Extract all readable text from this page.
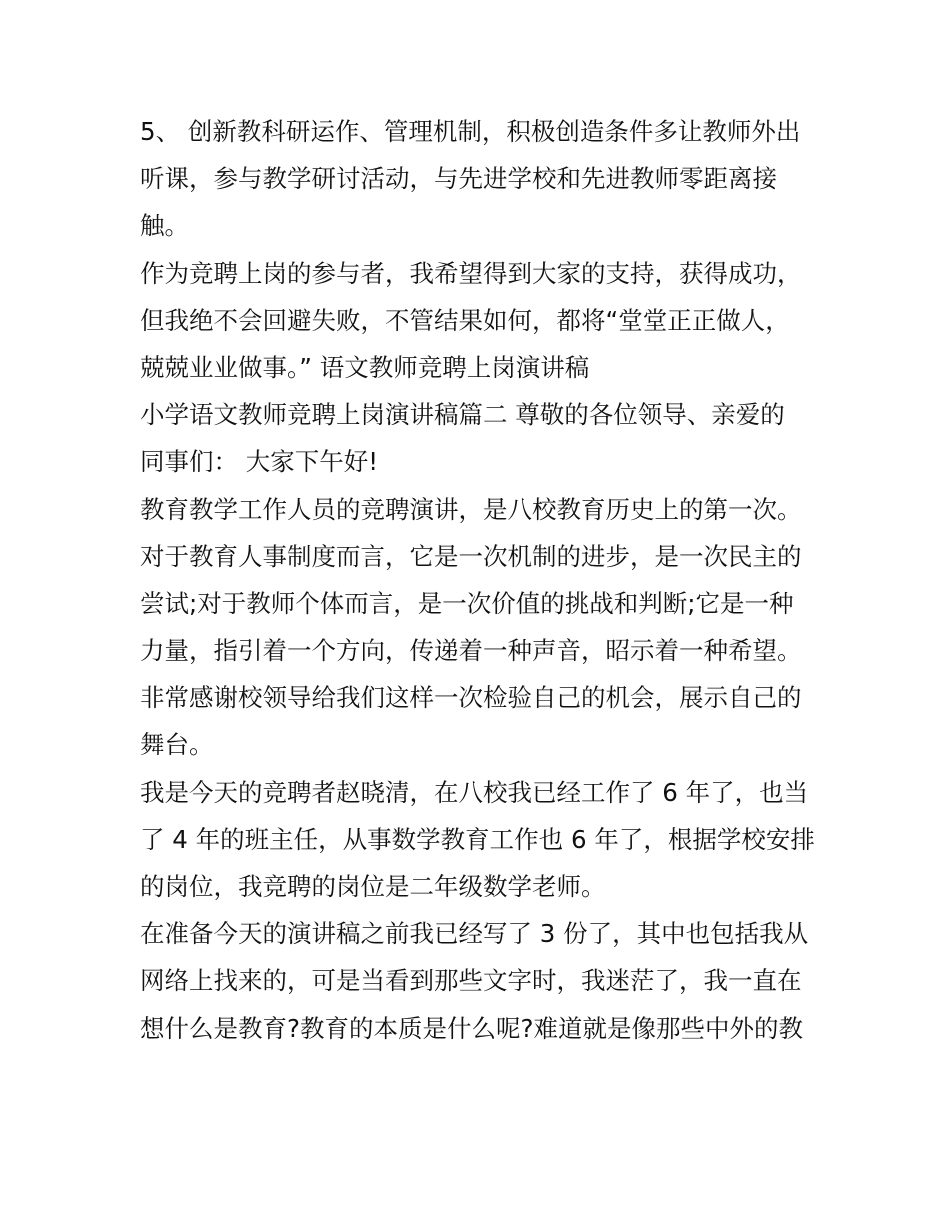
5、 创新教科研运作、管理机制，积极创造条件多让教师外出
听课，参与教学研讨活动，与先进学校和先进教师零距离接
触。
作为竞聘上岗的参与者，我希望得到大家的支持，获得成功，
但我绝不会回避失败，不管结果如何，都将“堂堂正正做人，
兢兢业业做事。” 语文教师竞聘上岗演讲稿
小学语文教师竞聘上岗演讲稿篇二 尊敬的各位领导、亲爱的
同事们： 大家下午好!
教育教学工作人员的竞聘演讲，是八校教育历史上的第一次。
对于教育人事制度而言，它是一次机制的进步，是一次民主的
尝试;对于教师个体而言，是一次价值的挑战和判断;它是一种
力量，指引着一个方向，传递着一种声音，昭示着一种希望。
非常感谢校领导给我们这样一次检验自己的机会，展示自己的
舞台。
我是今天的竞聘者赵晓清，在八校我已经工作了 6 年了，也当
了 4 年的班主任，从事数学教育工作也 6 年了，根据学校安排
的岗位，我竞聘的岗位是二年级数学老师。
在准备今天的演讲稿之前我已经写了 3 份了，其中也包括我从
网络上找来的，可是当看到那些文字时，我迷茫了，我一直在
想什么是教育?教育的本质是什么呢?难道就是像那些中外的教
